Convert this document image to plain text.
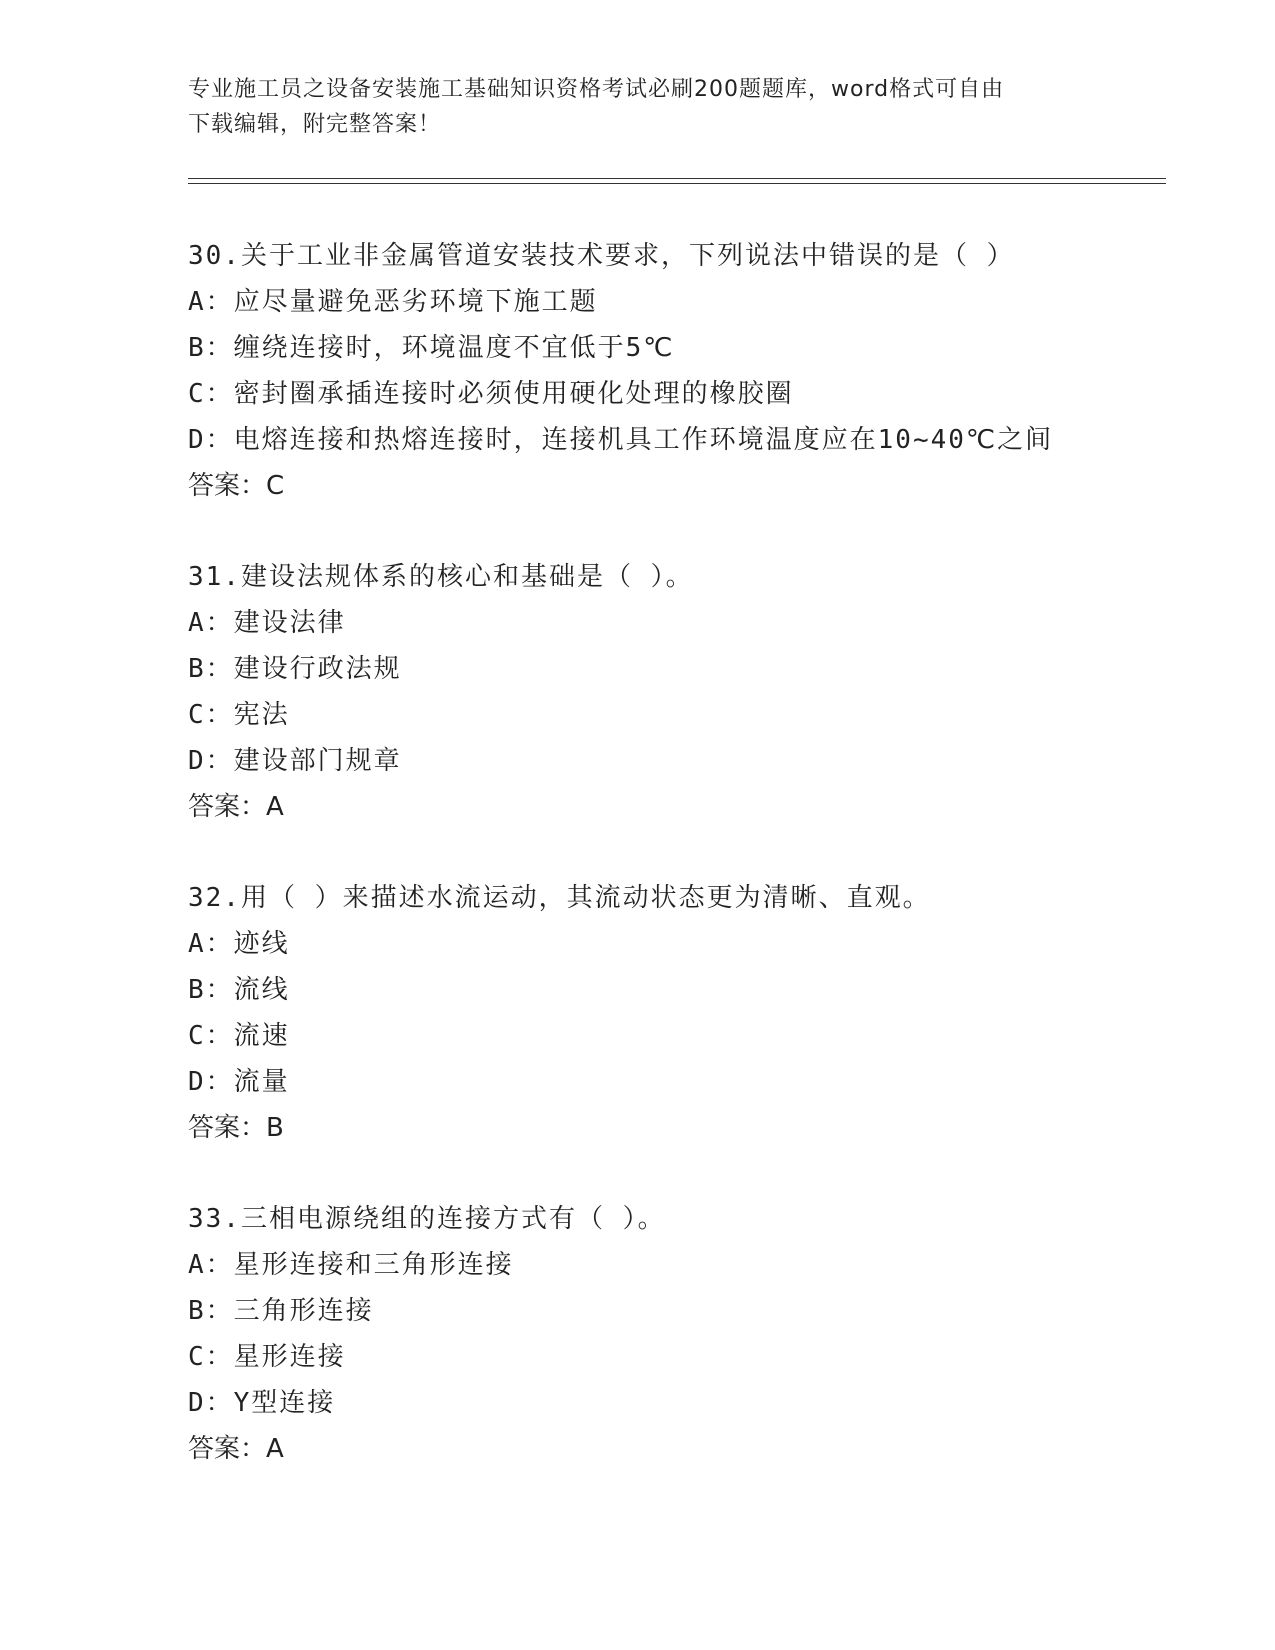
专业施工员之设备安装施工基础知识资格考试必刷200题题库，word格式可自由
下载编辑，附完整答案！
30.关于工业非金属管道安装技术要求，下列说法中错误的是（ ）
A：应尽量避免恶劣环境下施工题
B：缠绕连接时，环境温度不宜低于5℃
C：密封圈承插连接时必须使用硬化处理的橡胶圈
D：电熔连接和热熔连接时，连接机具工作环境温度应在10~40℃之间
答案：C
31.建设法规体系的核心和基础是（ ）。
A：建设法律
B：建设行政法规
C：宪法
D：建设部门规章
答案：A
32.用（ ）来描述水流运动，其流动状态更为清晰、直观。
A：迹线
B：流线
C：流速
D：流量
答案：B
33.三相电源绕组的连接方式有（ ）。
A：星形连接和三角形连接
B：三角形连接
C：星形连接
D：Y型连接
答案：A
